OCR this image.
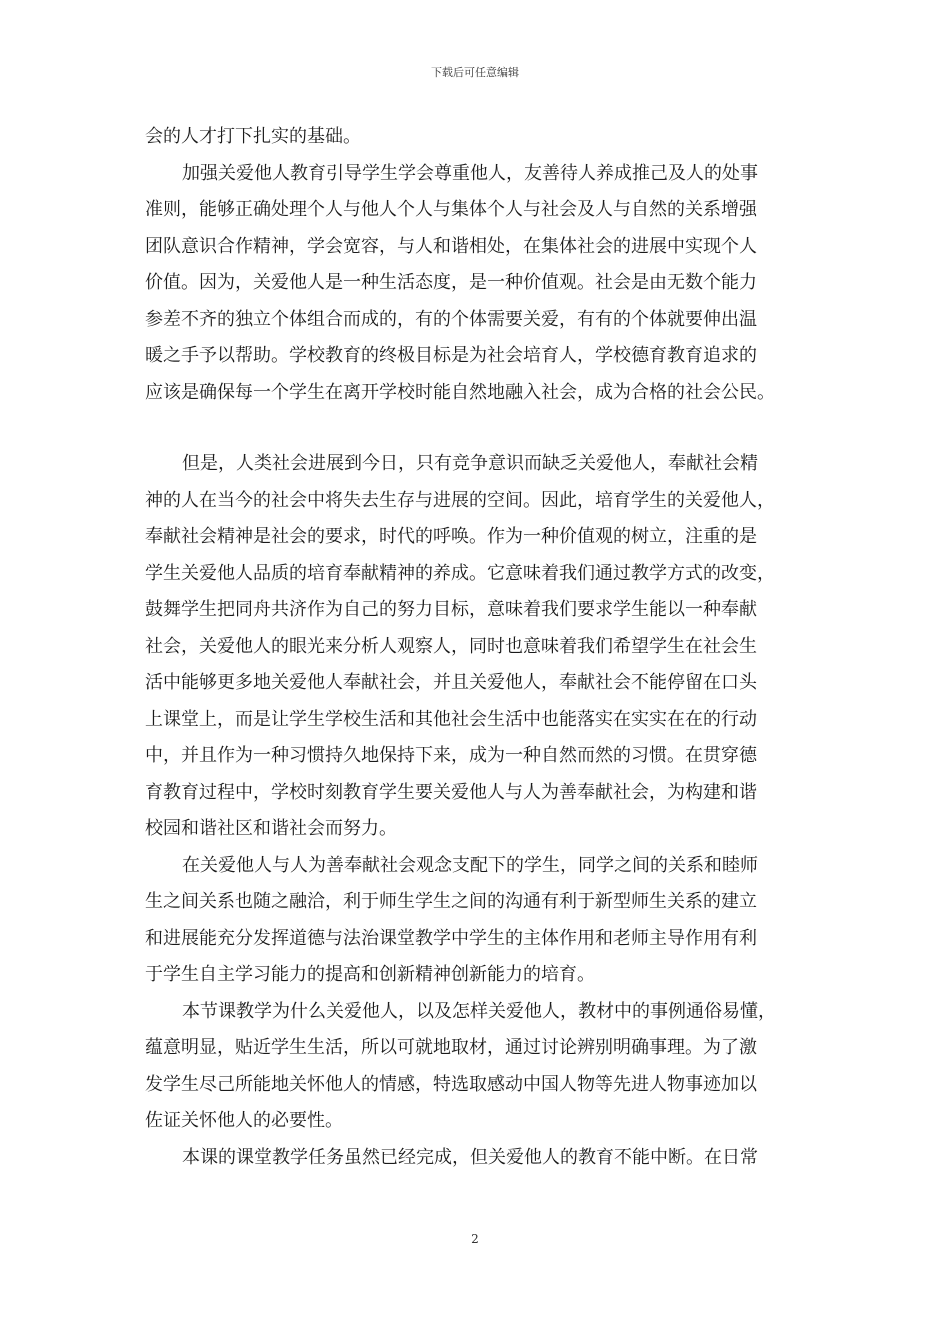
下载后可任意编辑
会的人才打下扎实的基础。
加强关爱他人教育引导学生学会尊重他人，友善待人养成推己及人的处事
准则，能够正确处理个人与他人个人与集体个人与社会及人与自然的关系增强
团队意识合作精神，学会宽容，与人和谐相处，在集体社会的进展中实现个人
价值。因为，关爱他人是一种生活态度，是一种价值观。社会是由无数个能力
参差不齐的独立个体组合而成的，有的个体需要关爱，有有的个体就要伸出温
暖之手予以帮助。学校教育的终极目标是为社会培育人，学校德育教育追求的
应该是确保每一个学生在离开学校时能自然地融入社会，成为合格的社会公民。
但是，人类社会进展到今日，只有竞争意识而缺乏关爱他人，奉献社会精
神的人在当今的社会中将失去生存与进展的空间。因此，培育学生的关爱他人，
奉献社会精神是社会的要求，时代的呼唤。作为一种价值观的树立，注重的是
学生关爱他人品质的培育奉献精神的养成。它意味着我们通过教学方式的改变，
鼓舞学生把同舟共济作为自己的努力目标，意味着我们要求学生能以一种奉献
社会，关爱他人的眼光来分析人观察人，同时也意味着我们希望学生在社会生
活中能够更多地关爱他人奉献社会，并且关爱他人，奉献社会不能停留在口头
上课堂上，而是让学生学校生活和其他社会生活中也能落实在实实在在的行动
中，并且作为一种习惯持久地保持下来，成为一种自然而然的习惯。在贯穿德
育教育过程中，学校时刻教育学生要关爱他人与人为善奉献社会，为构建和谐
校园和谐社区和谐社会而努力。
在关爱他人与人为善奉献社会观念支配下的学生，同学之间的关系和睦师
生之间关系也随之融洽，利于师生学生之间的沟通有利于新型师生关系的建立
和进展能充分发挥道德与法治课堂教学中学生的主体作用和老师主导作用有利
于学生自主学习能力的提高和创新精神创新能力的培育。
本节课教学为什么关爱他人，以及怎样关爱他人，教材中的事例通俗易懂，
蕴意明显，贴近学生生活，所以可就地取材，通过讨论辨别明确事理。为了激
发学生尽己所能地关怀他人的情感，特选取感动中国人物等先进人物事迹加以
佐证关怀他人的必要性。
本课的课堂教学任务虽然已经完成，但关爱他人的教育不能中断。在日常
2
